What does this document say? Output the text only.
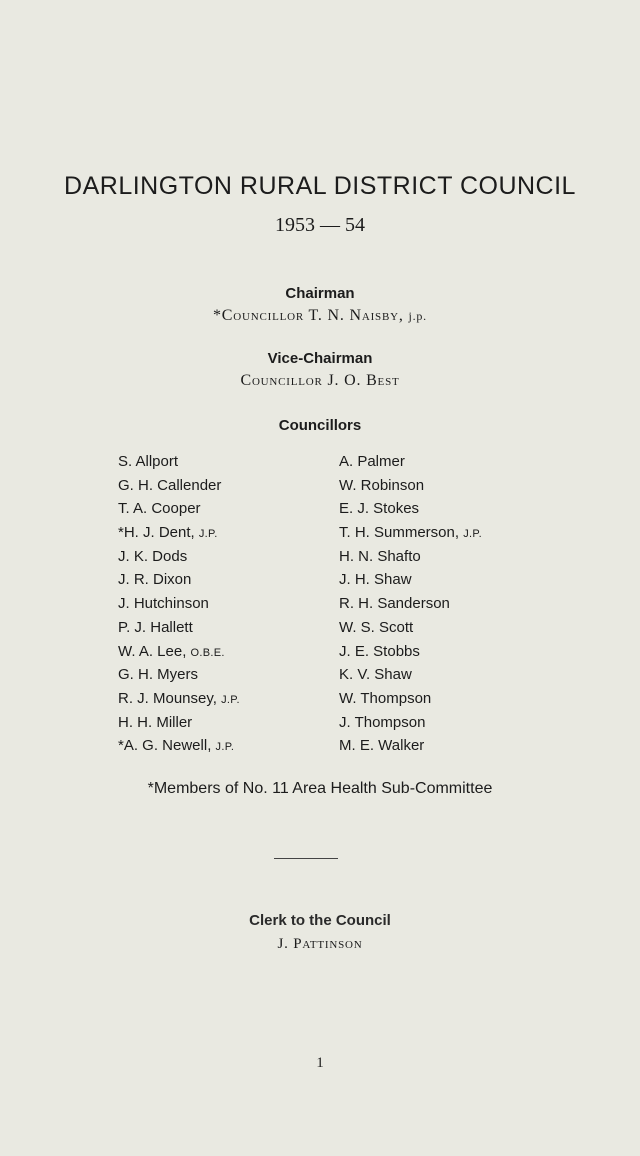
DARLINGTON RURAL DISTRICT COUNCIL
1953 — 54
Chairman
*Councillor T. N. Naisby, j.p.
Vice-Chairman
Councillor J. O. Best
Councillors
S. Allport
G. H. Callender
T. A. Cooper
*H. J. Dent, J.P.
J. K. Dods
J. R. Dixon
J. Hutchinson
P. J. Hallett
W. A. Lee, O.B.E.
G. H. Myers
R. J. Mounsey, J.P.
H. H. Miller
*A. G. Newell, J.P.
A. Palmer
W. Robinson
E. J. Stokes
T. H. Summerson, J.P.
H. N. Shafto
J. H. Shaw
R. H. Sanderson
W. S. Scott
J. E. Stobbs
K. V. Shaw
W. Thompson
J. Thompson
M. E. Walker
*Members of No. 11 Area Health Sub-Committee
Clerk to the Council
J. Pattinson
1
